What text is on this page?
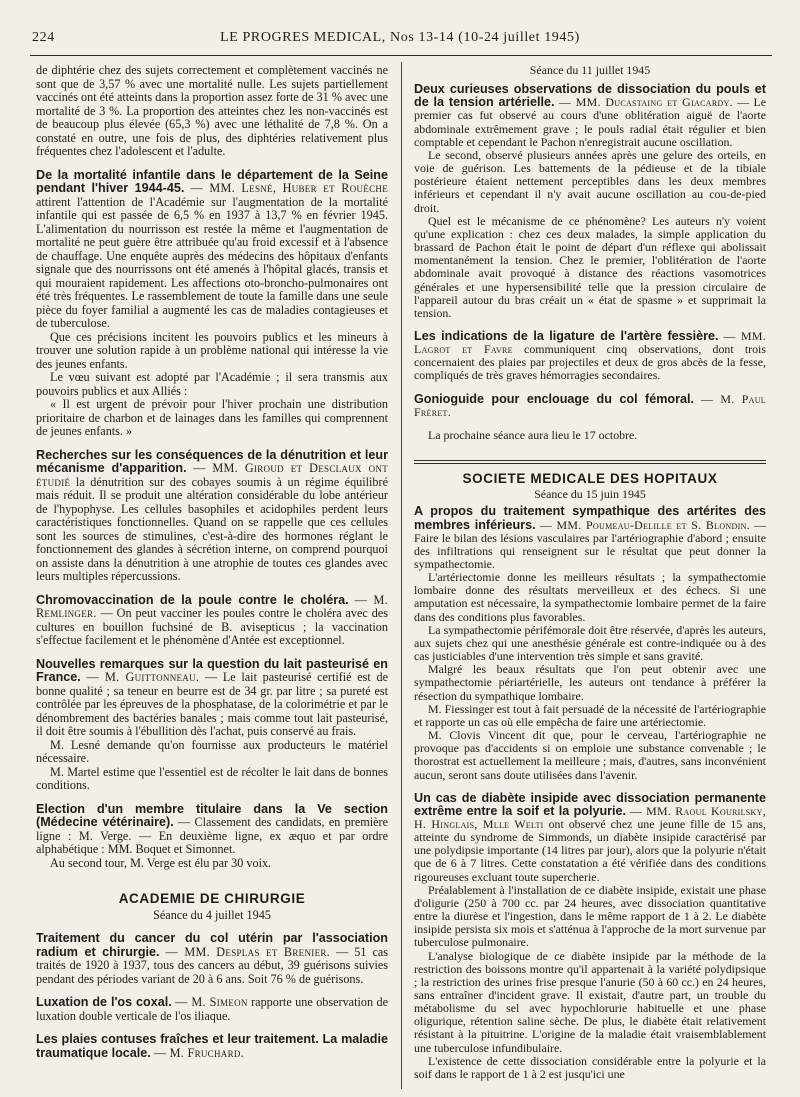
224	LE PROGRES MEDICAL, Nos 13-14 (10-24 juillet 1945)

de diphtérie chez des sujets correctement et complètement vaccinés ne sont que de 3,57 % avec une mortalité nulle. Les sujets partiellement vaccinés ont été atteints dans la proportion assez forte de 31 % avec une mortalité de 3 %. La proportion des atteintes chez les non-vaccinés est de beaucoup plus élevée (65,3 %) avec une léthalité de 7,8 %. On a constaté en outre, une fois de plus, des diphtéries relativement plus fréquentes chez l'adolescent et l'adulte.

De la mortalité infantile dans le département de la Seine pendant l'hiver 1944-45. — MM. Lesné, Huber et Rouèche attirent l'attention de l'Académie sur l'augmentation de la mortalité infantile qui est passée de 6,5 % en 1937 à 13,7 % en février 1945. L'alimentation du nourrisson est restée la même et l'augmentation de mortalité ne peut guère être attribuée qu'au froid excessif et à l'absence de chauffage. Une enquête auprès des médecins des hôpitaux d'enfants signale que des nourrissons ont été amenés à l'hôpital glacés, transis et qui mouraient rapidement. Les affections oto-broncho-pulmonaires ont été très fréquentes. Le rassemblement de toute la famille dans une seule pièce du foyer familial a augmenté les cas de maladies contagieuses et de tuberculose.

Que ces précisions incitent les pouvoirs publics et les mineurs à trouver une solution rapide à un problème national qui intéresse la vie des jeunes enfants.

Le vœu suivant est adopté par l'Académie ; il sera transmis aux pouvoirs publics et aux Alliés :

« Il est urgent de prévoir pour l'hiver prochain une distribution prioritaire de charbon et de lainages dans les familles qui comprennent de jeunes enfants. »

Recherches sur les conséquences de la dénutrition et leur mécanisme d'apparition. — MM. Giroud et Desclaux ont étudié la dénutrition sur des cobayes soumis à un régime équilibré mais réduit. Il se produit une altération considérable du lobe antérieur de l'hypophyse. Les cellules basophiles et acidophiles perdent leurs caractéristiques fonctionnelles. Quand on se rappelle que ces cellules sont les sources de stimulines, c'est-à-dire des hormones réglant le fonctionnement des glandes à sécrétion interne, on comprend pourquoi on assiste dans la dénutrition à une atrophie de toutes ces glandes avec leurs multiples répercussions.

Chromovaccination de la poule contre le choléra. — M. Remlinger. — On peut vacciner les poules contre le choléra avec des cultures en bouillon fuchsiné de B. avisepticus ; la vaccination s'effectue facilement et le phénomène d'Antée est exceptionnel.

Nouvelles remarques sur la question du lait pasteurisé en France. — M. Guittonneau. — Le lait pasteurisé certifié est de bonne qualité ; sa teneur en beurre est de 34 gr. par litre ; sa pureté est contrôlée par les épreuves de la phosphatase, de la colorimétrie et par le dénombrement des bactéries banales ; mais comme tout lait pasteurisé, il doit être soumis à l'ébullition dès l'achat, puis conservé au frais.

M. Lesné demande qu'on fournisse aux producteurs le matériel nécessaire.

M. Martel estime que l'essentiel est de récolter le lait dans de bonnes conditions.

Election d'un membre titulaire dans la Ve section (Médecine vétérinaire). — Classement des candidats, en première ligne : M. Verge. — En deuxième ligne, ex æquo et par ordre alphabétique : MM. Boquet et Simonnet.

Au second tour, M. Verge est élu par 30 voix.

ACADEMIE DE CHIRURGIE
Séance du 4 juillet 1945

Traitement du cancer du col utérin par l'association radium et chirurgie. — MM. Desplas et Brenier. — 51 cas traités de 1920 à 1937, tous des cancers au début, 39 guérisons suivies pendant des périodes variant de 20 à 6 ans. Soit 76 % de guérisons.

Luxation de l'os coxal. — M. Simeon rapporte une observation de luxation double verticale de l'os iliaque.

Les plaies contuses fraîches et leur traitement. La maladie traumatique locale. — M. Fruchard.

Séance du 11 juillet 1945

Deux curieuses observations de dissociation du pouls et de la tension artérielle. — MM. Ducastaing et Giacardy. — Le premier cas fut observé au cours d'une oblitération aiguë de l'aorte abdominale extrêmement grave ; le pouls radial était régulier et bien comptable et cependant le Pachon n'enregistrait aucune oscillation.

Le second, observé plusieurs années après une gelure des orteils, en voie de guérison. Les battements de la pédieuse et de la tibiale postérieure étaient nettement perceptibles dans les deux membres inférieurs et cependant il n'y avait aucune oscillation au cou-de-pied droit.

Quel est le mécanisme de ce phénomène? Les auteurs n'y voient qu'une explication : chez ces deux malades, la simple application du brassard de Pachon était le point de départ d'un réflexe qui abolissait momentanément la tension. Chez le premier, l'oblitération de l'aorte abdominale avait provoqué à distance des réactions vasomotrices générales et une hypersensibilité telle que la pression circulaire de l'appareil autour du bras créait un « état de spasme » et supprimait la tension.

Les indications de la ligature de l'artère fessière. — MM. Lagrot et Favre communiquent cinq observations, dont trois concernaient des plaies par projectiles et deux de gros abcès de la fesse, compliqués de très graves hémorragies secondaires.

Gonioguide pour enclouage du col fémoral. — M. Paul Fréret.

La prochaine séance aura lieu le 17 octobre.

SOCIETE MEDICALE DES HOPITAUX
Séance du 15 juin 1945

A propos du traitement sympathique des artérites des membres inférieurs. — MM. Poumeau-Delille et S. Blondin. — Faire le bilan des lésions vasculaires par l'artériographie d'abord ; ensuite des infiltrations qui renseignent sur le résultat que peut donner la sympathectomie.

L'artériectomie donne les meilleurs résultats ; la sympathectomie lombaire donne des résultats merveilleux et des échecs. Si une amputation est nécessaire, la sympathectomie lombaire permet de la faire dans des conditions plus favorables.

La sympathectomie périfémorale doit être réservée, d'après les auteurs, aux sujets chez qui une anesthésie générale est contre-indiquée ou à des cas justiciables d'une intervention très simple et sans gravité.

Malgré les beaux résultats que l'on peut obtenir avec une sympathectomie périartérielle, les auteurs ont tendance à préférer la résection du sympathique lombaire.

M. Fiessinger est tout à fait persuadé de la nécessité de l'artériographie et rapporte un cas où elle empêcha de faire une artériectomie.

M. Clovis Vincent dit que, pour le cerveau, l'artériographie ne provoque pas d'accidents si on emploie une substance convenable ; le thorostrat est actuellement la meilleure ; mais, d'autres, sans inconvénient aucun, seront sans doute utilisées dans l'avenir.

Un cas de diabète insipide avec dissociation permanente extrême entre la soif et la polyurie. — MM. Raoul Kourilsky, H. Hinglais, Mlle Welti ont observé chez une jeune fille de 15 ans, atteinte du syndrome de Simmonds, un diabète insipide caractérisé par une polydipsie importante (14 litres par jour), alors que la polyurie n'était que de 6 à 7 litres. Cette constatation a été vérifiée dans des conditions rigoureuses excluant toute supercherie.

Préalablement à l'installation de ce diabète insipide, existait une phase d'oligurie (250 à 700 cc. par 24 heures, avec dissociation quantitative entre la diurèse et l'ingestion, dans le même rapport de 1 à 2. Le diabète insipide persista six mois et s'atténua à l'approche de la mort survenue par tuberculose pulmonaire.

L'analyse biologique de ce diabète insipide par la méthode de la restriction des boissons montre qu'il appartenait à la variété polydipsique ; la restriction des urines frise presque l'anurie (50 à 60 cc.) en 24 heures, sans entraîner d'incident grave. Il existait, d'autre part, un trouble du métabolisme du sel avec hypochlorurie habituelle et une phase oligurique, rétention saline sèche. De plus, le diabète était relativement résistant à la pituitrine. L'origine de la maladie était vraisemblablement une tuberculose infundibulaire.

L'existence de cette dissociation considérable entre la polyurie et la soif dans le rapport de 1 à 2 est jusqu'ici une
